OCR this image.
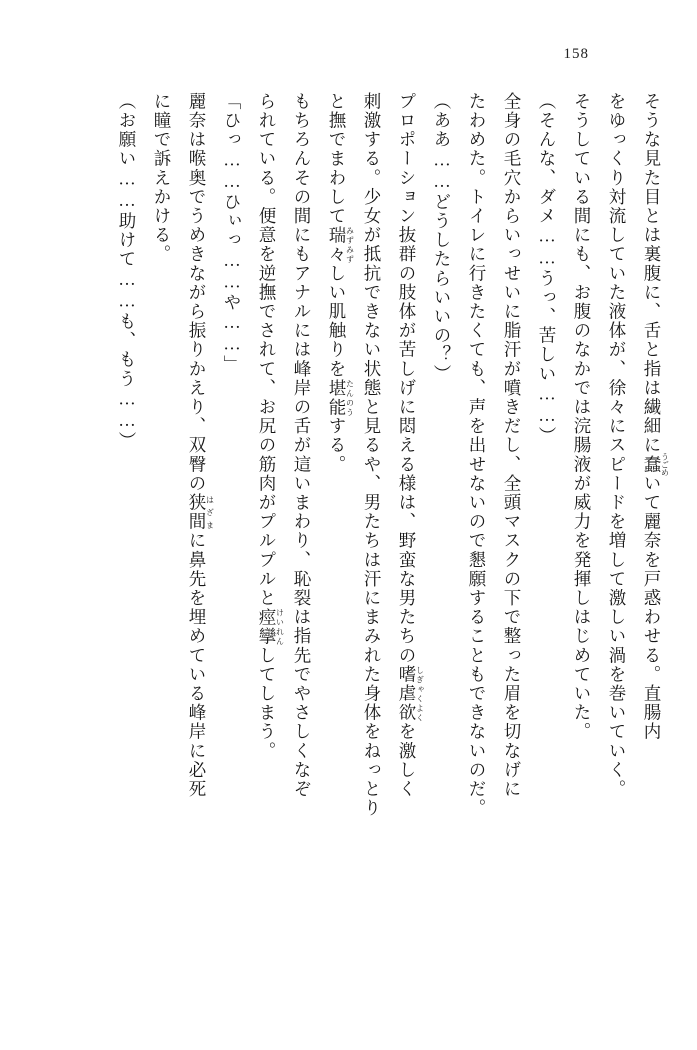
158

そうな見た目とは裏腹に、舌と指は繊細に蠢うごめいて麗奈を戸惑わせる。直腸内

をゆっくり対流していた液体が、徐々にスピードを増して激しい渦を巻いていく。

そうしている間にも、お腹のなかでは浣腸液が威力を発揮しはじめていた。

（そんな、ダメ……うっ、苦しい……）

全身の毛穴からいっせいに脂汗が噴きだし、全頭マスクの下で整った眉を切なげに

たわめた。トイレに行きたくても、声を出せないので懇願することもできないのだ。

（ああ……どうしたらいいの？）

プロポーション抜群の肢体が苦しげに悶える様は、野蛮な男たちの嗜虐欲しぎゃくよくを激しく

刺激する。少女が抵抗できない状態と見るや、男たちは汗にまみれた身体をねっとり

と撫でまわして瑞々みずみずしい肌触りを堪能たんのうする。

もちろんその間にもアナルには峰岸の舌が這いまわり、恥裂は指先でやさしくなぞ

られている。便意を逆撫でされて、お尻の筋肉がプルプルと痙攣けいれんしてしまう。

「ひっ……ひぃっ……や……」

麗奈は喉奥でうめきながら振りかえり、双臀の狭間はざまに鼻先を埋めている峰岸に必死

に瞳で訴えかける。

（お願い……助けて……も、もう……）
